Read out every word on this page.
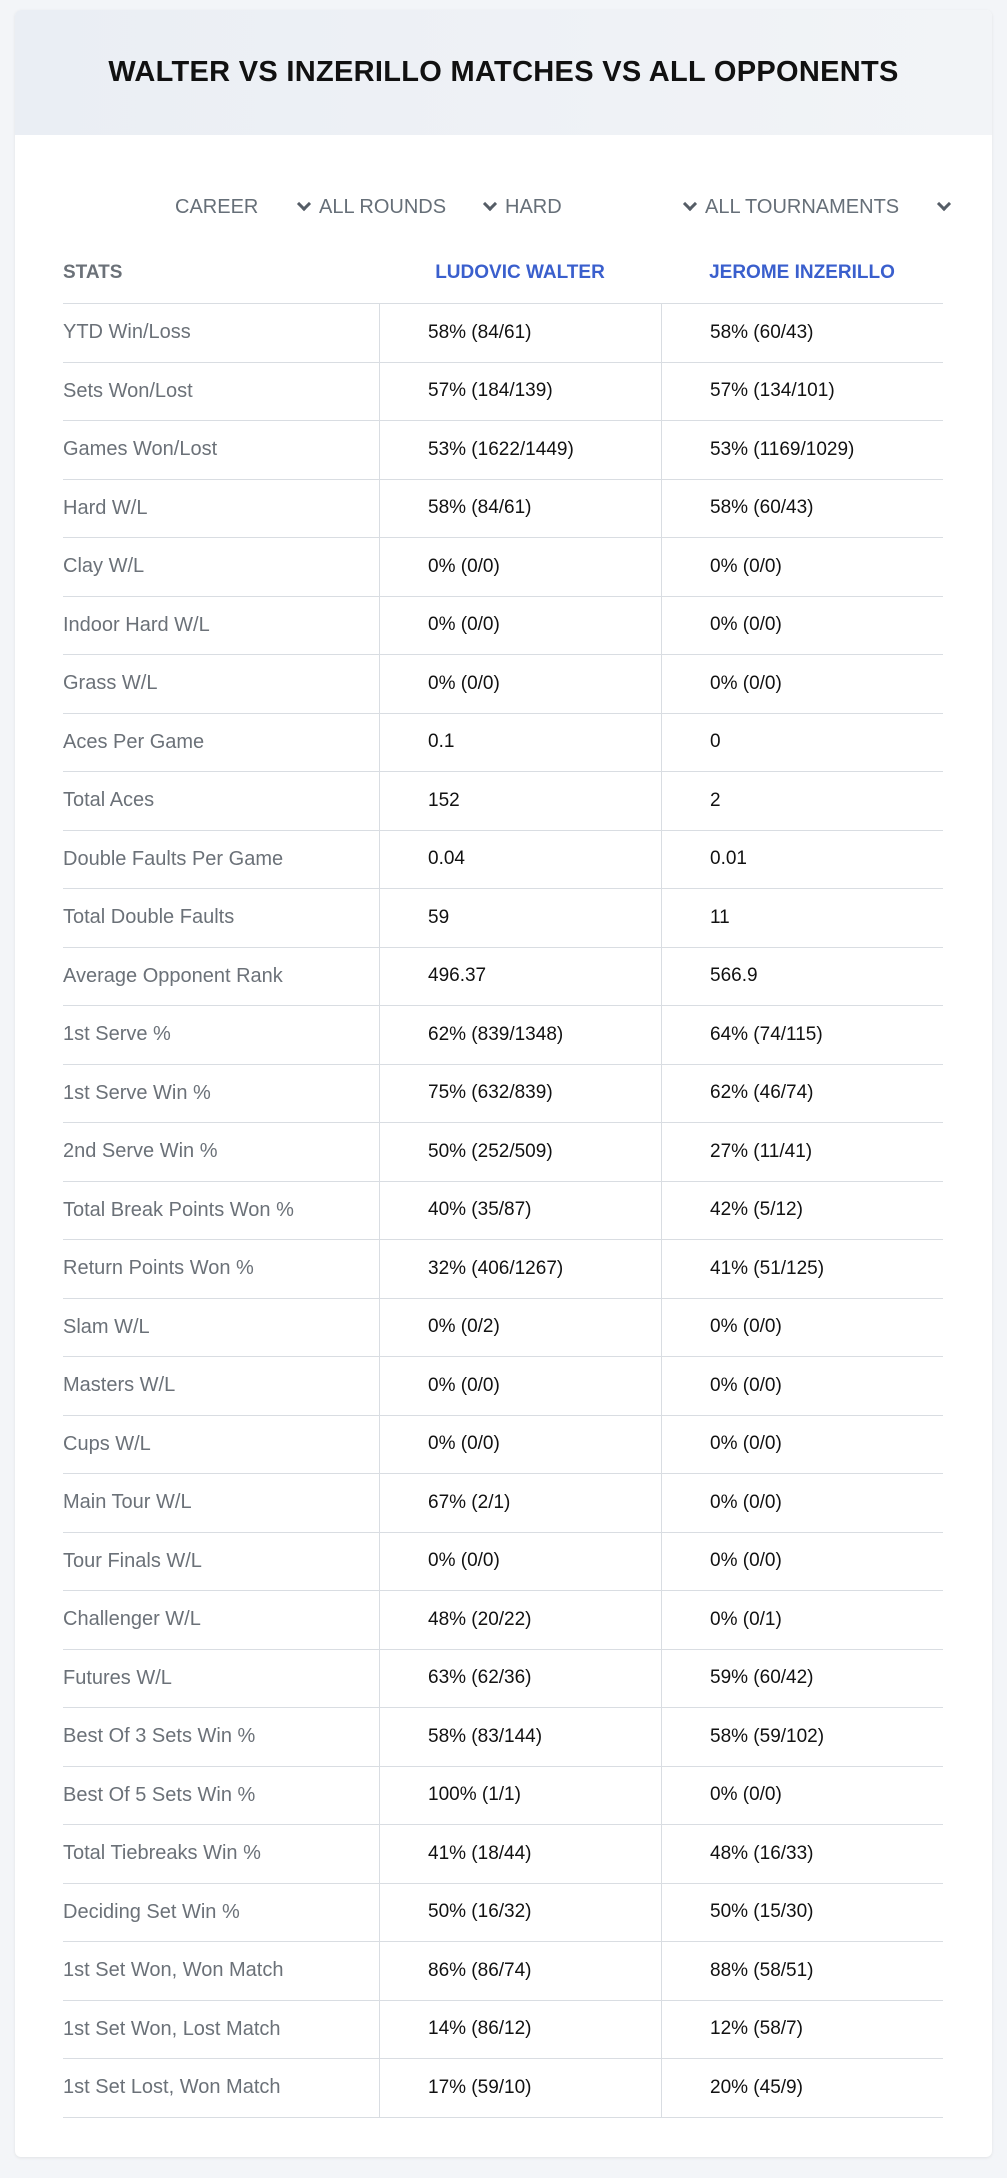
WALTER VS INZERILLO MATCHES VS ALL OPPONENTS
CAREER	ALL ROUNDS	HARD	ALL TOURNAMENTS
STATS	LUDOVIC WALTER	JEROME INZERILLO
YTD Win/Loss	58% (84/61)	58% (60/43)
Sets Won/Lost	57% (184/139)	57% (134/101)
Games Won/Lost	53% (1622/1449)	53% (1169/1029)
Hard W/L	58% (84/61)	58% (60/43)
Clay W/L	0% (0/0)	0% (0/0)
Indoor Hard W/L	0% (0/0)	0% (0/0)
Grass W/L	0% (0/0)	0% (0/0)
Aces Per Game	0.1	0
Total Aces	152	2
Double Faults Per Game	0.04	0.01
Total Double Faults	59	11
Average Opponent Rank	496.37	566.9
1st Serve %	62% (839/1348)	64% (74/115)
1st Serve Win %	75% (632/839)	62% (46/74)
2nd Serve Win %	50% (252/509)	27% (11/41)
Total Break Points Won %	40% (35/87)	42% (5/12)
Return Points Won %	32% (406/1267)	41% (51/125)
Slam W/L	0% (0/2)	0% (0/0)
Masters W/L	0% (0/0)	0% (0/0)
Cups W/L	0% (0/0)	0% (0/0)
Main Tour W/L	67% (2/1)	0% (0/0)
Tour Finals W/L	0% (0/0)	0% (0/0)
Challenger W/L	48% (20/22)	0% (0/1)
Futures W/L	63% (62/36)	59% (60/42)
Best Of 3 Sets Win %	58% (83/144)	58% (59/102)
Best Of 5 Sets Win %	100% (1/1)	0% (0/0)
Total Tiebreaks Win %	41% (18/44)	48% (16/33)
Deciding Set Win %	50% (16/32)	50% (15/30)
1st Set Won, Won Match	86% (86/74)	88% (58/51)
1st Set Won, Lost Match	14% (86/12)	12% (58/7)
1st Set Lost, Won Match	17% (59/10)	20% (45/9)
